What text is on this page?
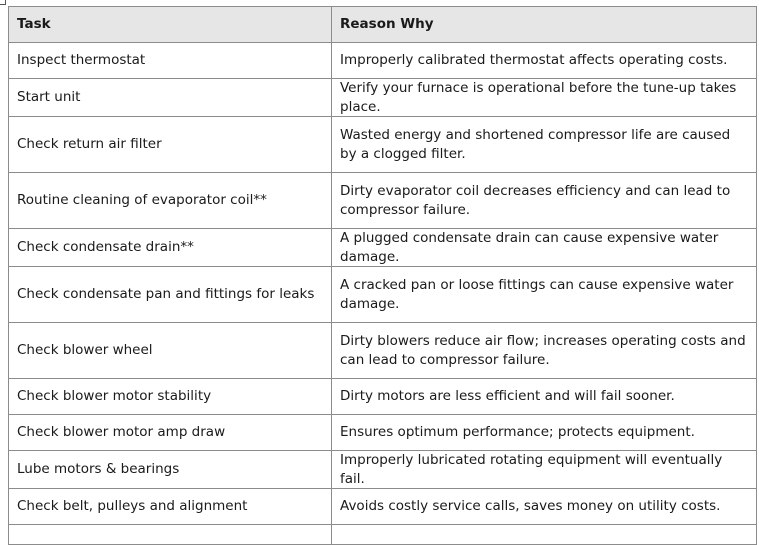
Task	Reason Why
Inspect thermostat	Improperly calibrated thermostat affects operating costs.
Start unit	Verify your furnace is operational before the tune-up takes place.
Check return air filter	Wasted energy and shortened compressor life are caused by a clogged filter.
Routine cleaning of evaporator coil**	Dirty evaporator coil decreases efficiency and can lead to compressor failure.
Check condensate drain**	A plugged condensate drain can cause expensive water damage.
Check condensate pan and fittings for leaks	A cracked pan or loose fittings can cause expensive water damage.
Check blower wheel	Dirty blowers reduce air flow; increases operating costs and can lead to compressor failure.
Check blower motor stability	Dirty motors are less efficient and will fail sooner.
Check blower motor amp draw	Ensures optimum performance; protects equipment.
Lube motors & bearings	Improperly lubricated rotating equipment will eventually fail.
Check belt, pulleys and alignment	Avoids costly service calls, saves money on utility costs.
